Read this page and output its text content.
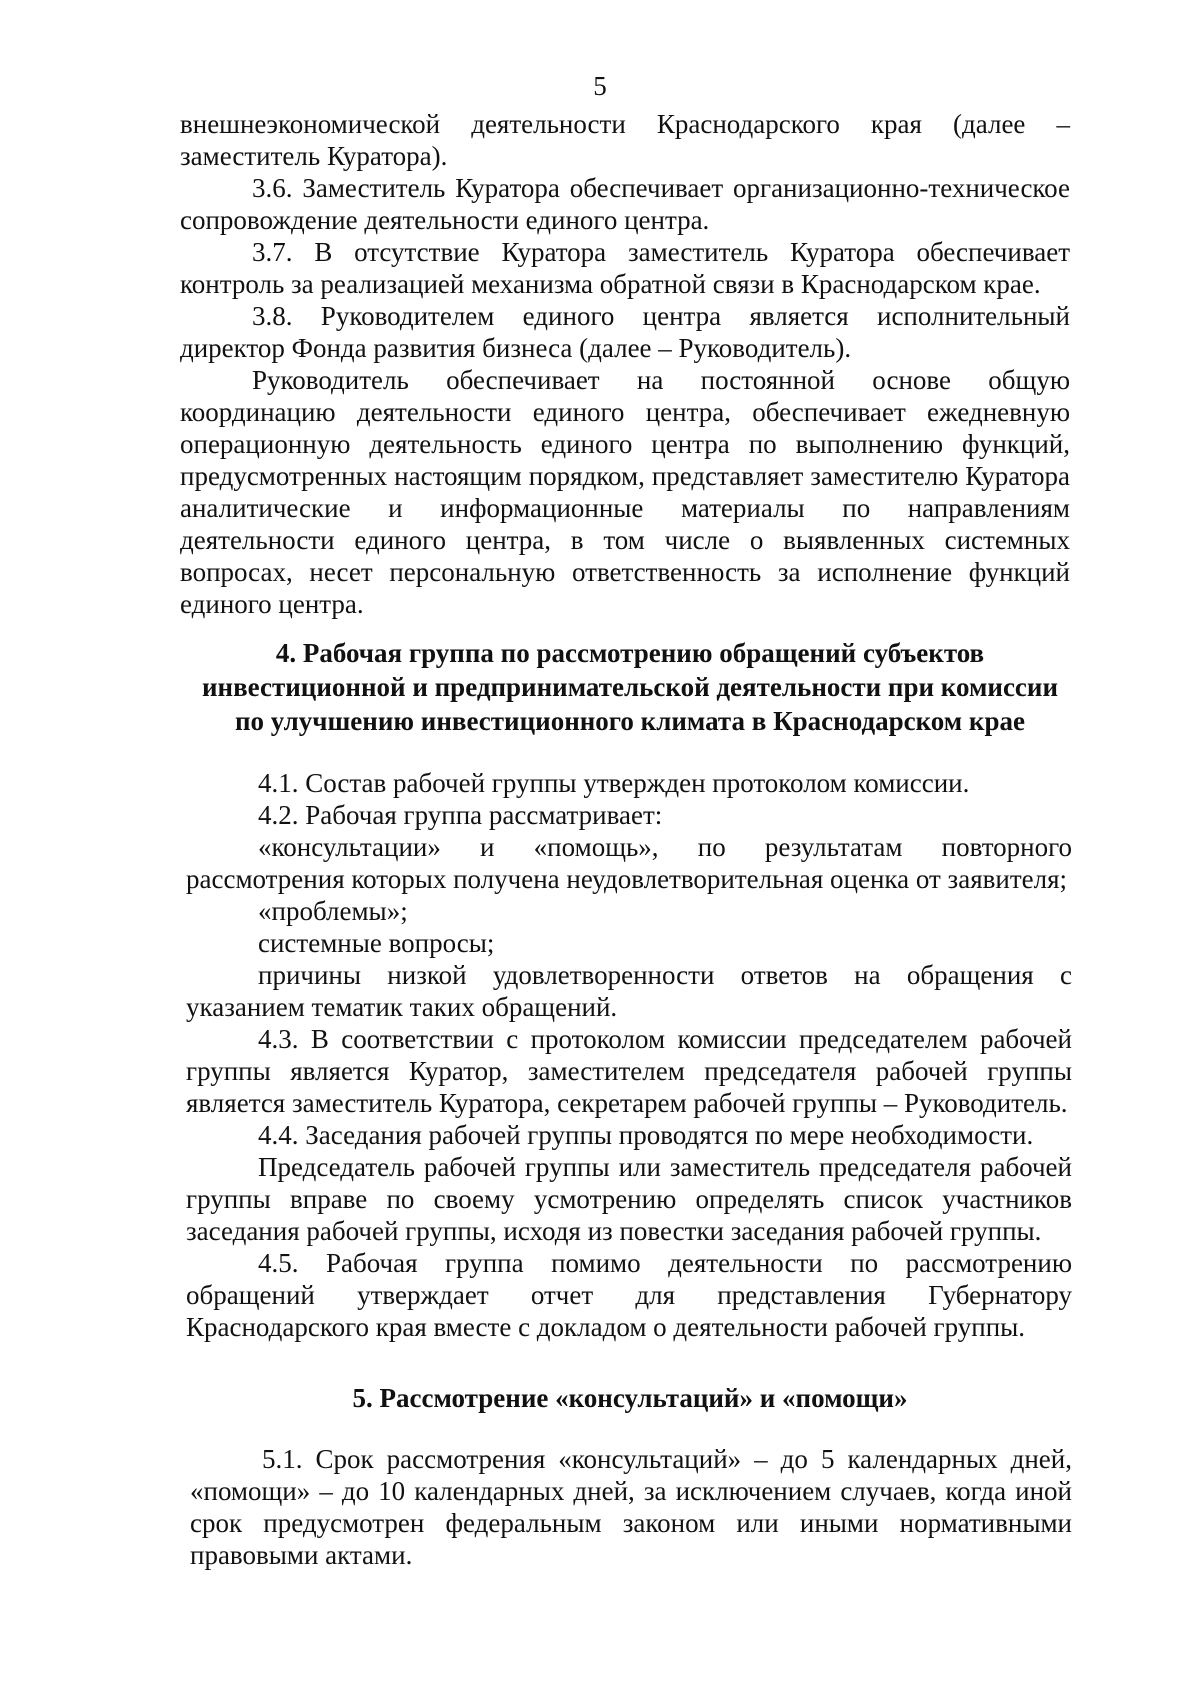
5

внешнеэкономической деятельности Краснодарского края (далее – заместитель Куратора).

3.6. Заместитель Куратора обеспечивает организационно-техническое сопровождение деятельности единого центра.

3.7. В отсутствие Куратора заместитель Куратора обеспечивает контроль за реализацией механизма обратной связи в Краснодарском крае.

3.8. Руководителем единого центра является исполнительный директор Фонда развития бизнеса (далее – Руководитель).

Руководитель обеспечивает на постоянной основе общую координацию деятельности единого центра, обеспечивает ежедневную операционную деятельность единого центра по выполнению функций, предусмотренных настоящим порядком, представляет заместителю Куратора аналитические и информационные материалы по направлениям деятельности единого центра, в том числе о выявленных системных вопросах, несет персональную ответственность за исполнение функций единого центра.

4. Рабочая группа по рассмотрению обращений субъектов
инвестиционной и предпринимательской деятельности при комиссии
по улучшению инвестиционного климата в Краснодарском крае

4.1. Состав рабочей группы утвержден протоколом комиссии.

4.2. Рабочая группа рассматривает:

«консультации» и «помощь», по результатам повторного рассмотрения которых получена неудовлетворительная оценка от заявителя;

«проблемы»;

системные вопросы;

причины низкой удовлетворенности ответов на обращения с указанием тематик таких обращений.

4.3. В соответствии с протоколом комиссии председателем рабочей группы является Куратор, заместителем председателя рабочей группы является заместитель Куратора, секретарем рабочей группы – Руководитель.

4.4. Заседания рабочей группы проводятся по мере необходимости.

Председатель рабочей группы или заместитель председателя рабочей группы вправе по своему усмотрению определять список участников заседания рабочей группы, исходя из повестки заседания рабочей группы.

4.5. Рабочая группа помимо деятельности по рассмотрению обращений утверждает отчет для представления Губернатору Краснодарского края вместе с докладом о деятельности рабочей группы.

5. Рассмотрение «консультаций» и «помощи»

5.1. Срок рассмотрения «консультаций» – до 5 календарных дней, «помощи» – до 10 календарных дней, за исключением случаев, когда иной срок предусмотрен федеральным законом или иными нормативными правовыми актами.
